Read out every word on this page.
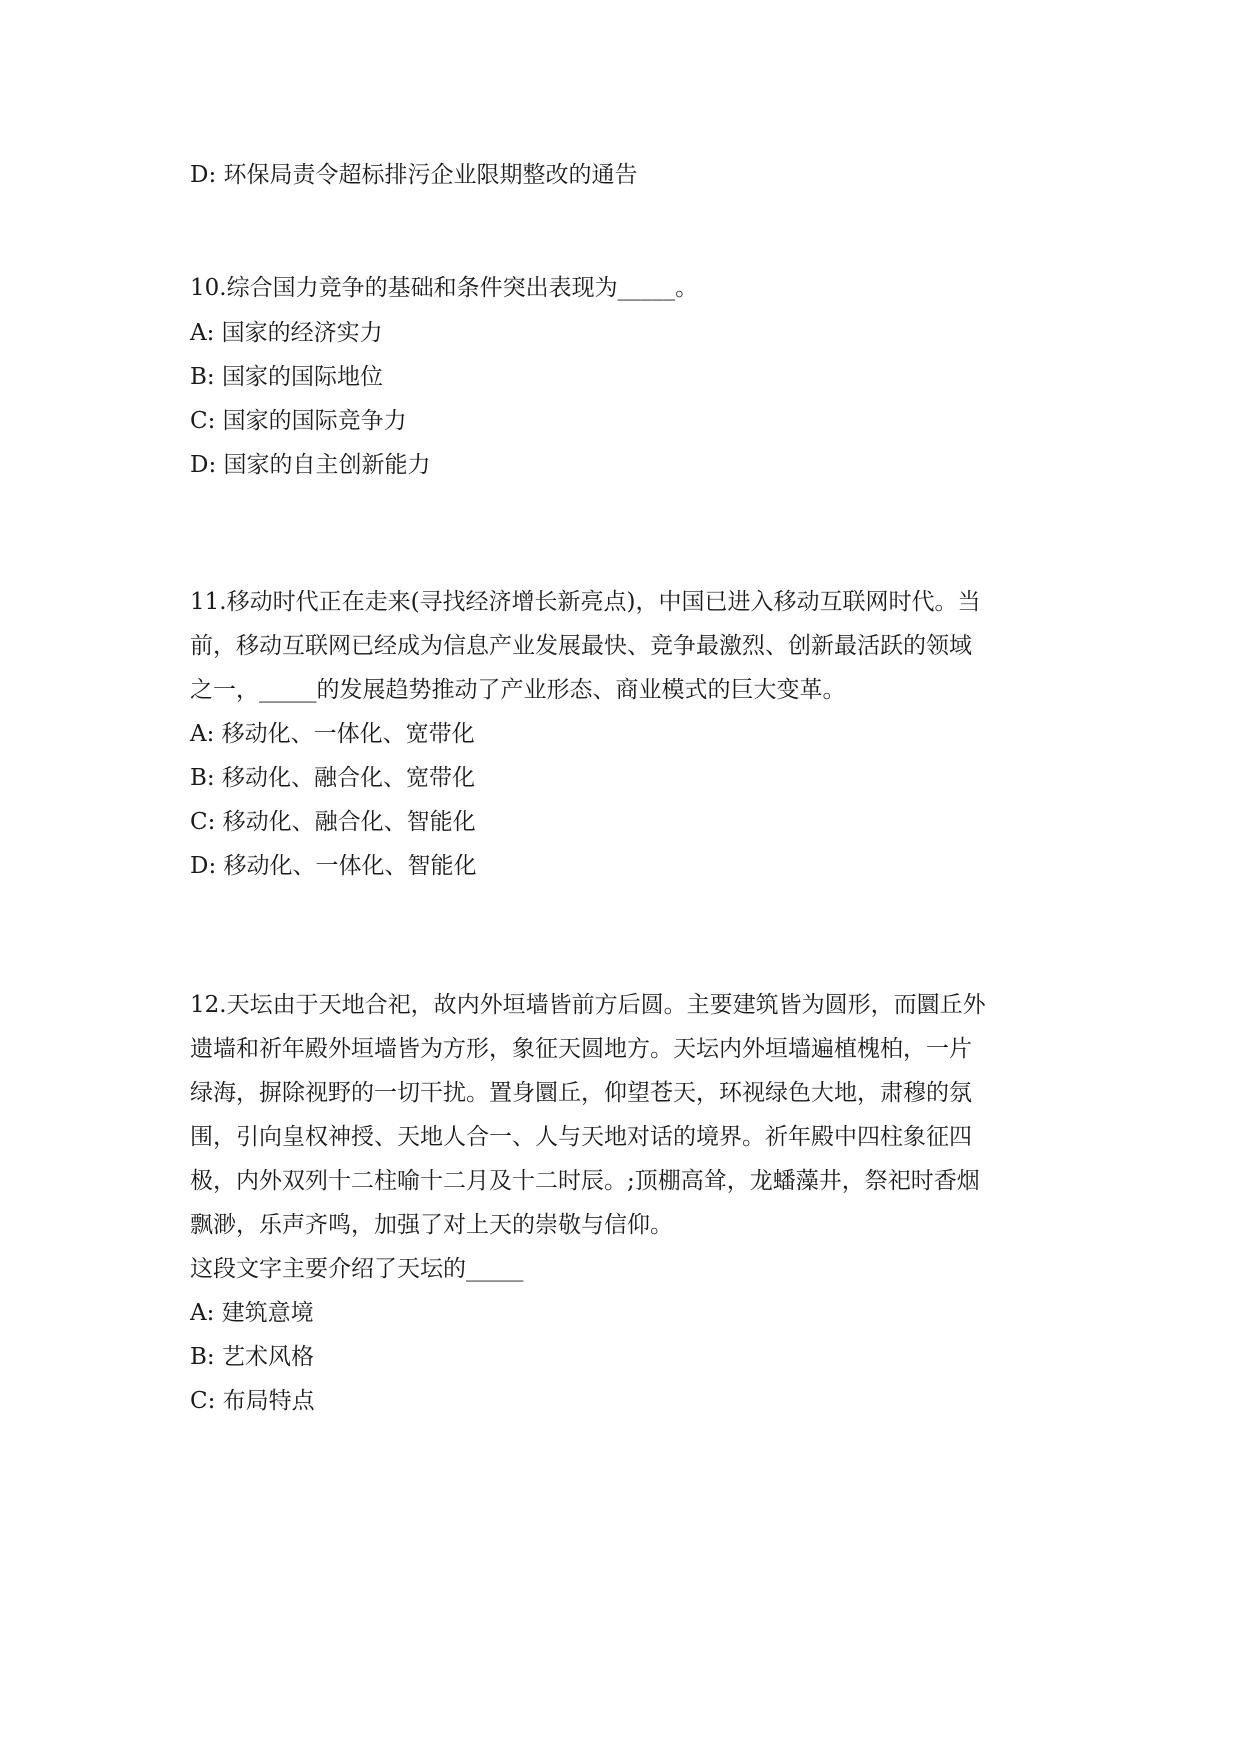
D: 环保局责令超标排污企业限期整改的通告
10.综合国力竞争的基础和条件突出表现为_____。
A: 国家的经济实力
B: 国家的国际地位
C: 国家的国际竞争力
D: 国家的自主创新能力
11.移动时代正在走来(寻找经济增长新亮点)，中国已进入移动互联网时代。当
前，移动互联网已经成为信息产业发展最快、竞争最激烈、创新最活跃的领域
之一，_____的发展趋势推动了产业形态、商业模式的巨大变革。
A: 移动化、一体化、宽带化
B: 移动化、融合化、宽带化
C: 移动化、融合化、智能化
D: 移动化、一体化、智能化
12.天坛由于天地合祀，故内外垣墙皆前方后圆。主要建筑皆为圆形，而圜丘外
遗墙和祈年殿外垣墙皆为方形，象征天圆地方。天坛内外垣墙遍植槐柏，一片
绿海，摒除视野的一切干扰。置身圜丘，仰望苍天，环视绿色大地，肃穆的氛
围，引向皇权神授、天地人合一、人与天地对话的境界。祈年殿中四柱象征四
极，内外双列十二柱喻十二月及十二时辰。;顶棚高耸，龙蟠藻井，祭祀时香烟
飘渺，乐声齐鸣，加强了对上天的崇敬与信仰。
这段文字主要介绍了天坛的_____
A: 建筑意境
B: 艺术风格
C: 布局特点
